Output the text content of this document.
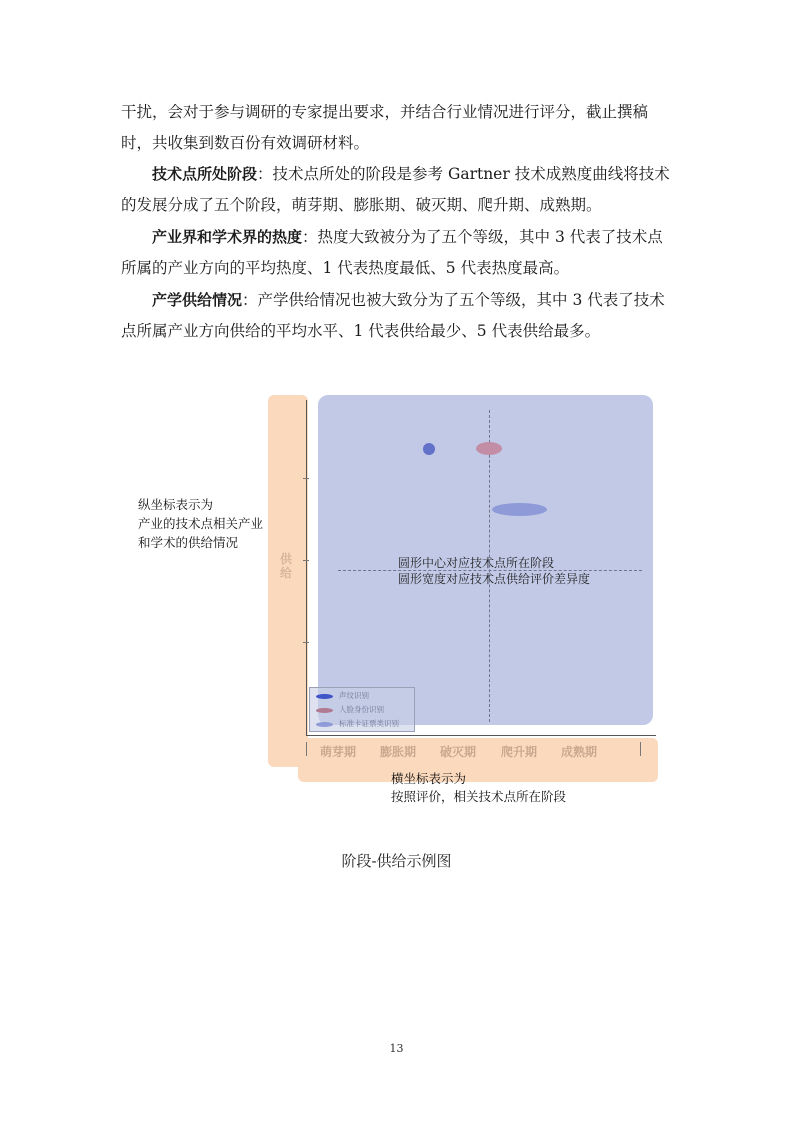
干扰，会对于参与调研的专家提出要求，并结合行业情况进行评分，截止撰稿时，共收集到数百份有效调研材料。

技术点所处阶段：技术点所处的阶段是参考 Gartner 技术成熟度曲线将技术的发展分成了五个阶段，萌芽期、膨胀期、破灭期、爬升期、成熟期。

产业界和学术界的热度：热度大致被分为了五个等级，其中 3 代表了技术点所属的产业方向的平均热度、1 代表热度最低、5 代表热度最高。

产学供给情况：产学供给情况也被大致分为了五个等级，其中 3 代表了技术点所属产业方向供给的平均水平、1 代表供给最少、5 代表供给最多。

供给
纵坐标表示为
产业的技术点相关产业
和学术的供给情况
圆形中心对应技术点所在阶段
圆形宽度对应技术点供给评价差异度
横坐标表示为
按照评价，相关技术点所在阶段
萌芽期	膨胀期	破灭期	爬升期	成熟期
声纹识别
人脸身份识别
标准卡证票类识别
阶段-供给示例图
13
